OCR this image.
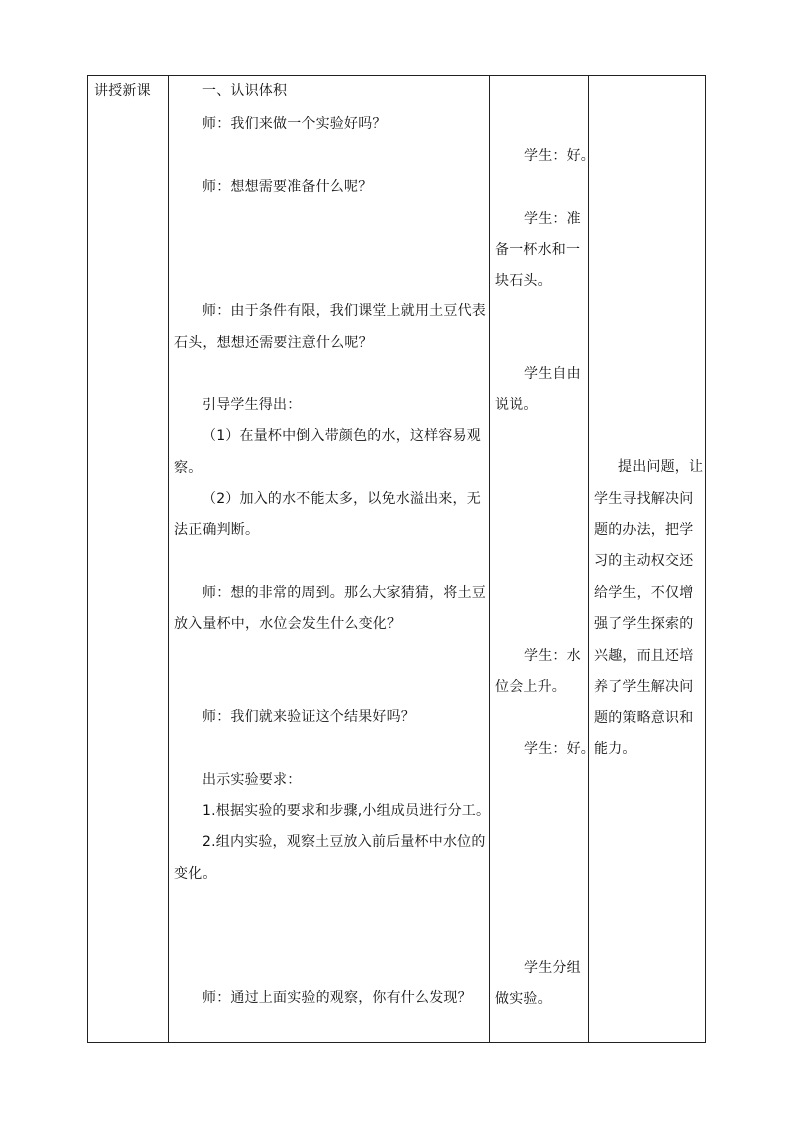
讲授新课	一、认识体积
师：我们来做一个实验好吗？
师：想想需要准备什么呢？
师：由于条件有限，我们课堂上就用土豆代表
石头，想想还需要注意什么呢？
引导学生得出：
（1）在量杯中倒入带颜色的水，这样容易观
察。
（2）加入的水不能太多，以免水溢出来，无
法正确判断。
师：想的非常的周到。那么大家猜猜，将土豆
放入量杯中，水位会发生什么变化？
师：我们就来验证这个结果好吗？
出示实验要求：
1.根据实验的要求和步骤,小组成员进行分工。
2.组内实验，观察土豆放入前后量杯中水位的
变化。
师：通过上面实验的观察，你有什么发现？
学生：好。
学生：准
备一杯水和一
块石头。
学生自由
说说。
学生：水
位会上升。
学生：好。
学生分组
做实验。
提出问题，让
学生寻找解决问
题的办法，把学
习的主动权交还
给学生，不仅增
强了学生探索的
兴趣，而且还培
养了学生解决问
题的策略意识和
能力。
